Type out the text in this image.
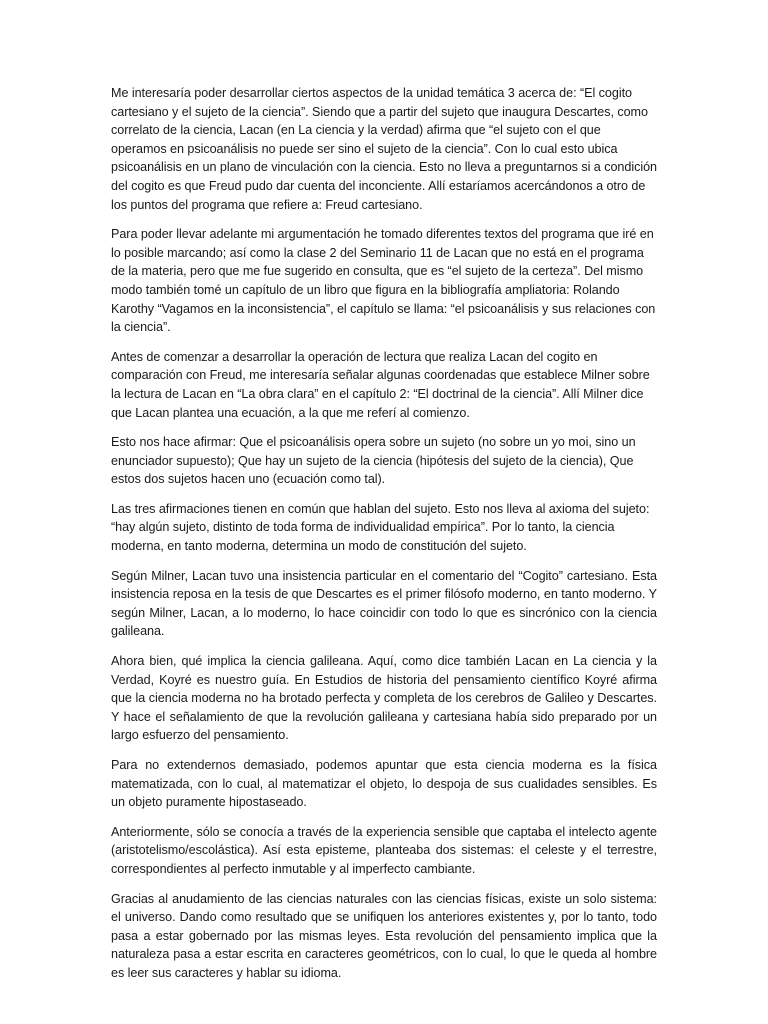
Me interesaría poder desarrollar ciertos aspectos de la unidad temática 3 acerca de: “El cogito cartesiano y el sujeto de la ciencia”. Siendo que a partir del sujeto que inaugura Descartes, como correlato de la ciencia, Lacan (en La ciencia y la verdad) afirma que “el sujeto con el que operamos en psicoanálisis no puede ser sino el sujeto de la ciencia”. Con lo cual esto ubica psicoanálisis en un plano de vinculación con la ciencia. Esto no lleva a preguntarnos si a condición del cogito es que Freud pudo dar cuenta del inconciente. Allí estaríamos acercándonos a otro de los puntos del programa que refiere a: Freud cartesiano.

Para poder llevar adelante mi argumentación he tomado diferentes textos del programa que iré en lo posible marcando; así como la clase 2 del Seminario 11 de Lacan que no está en el programa de la materia, pero que me fue sugerido en consulta, que es “el sujeto de la certeza”. Del mismo modo también tomé un capítulo de un libro que figura en la bibliografía ampliatoria: Rolando Karothy “Vagamos en la inconsistencia”, el capítulo se llama: “el psicoanálisis y sus relaciones con la ciencia”.

Antes de comenzar a desarrollar la operación de lectura que realiza Lacan del cogito en comparación con Freud, me interesaría señalar algunas coordenadas que establece Milner sobre la lectura de Lacan en “La obra clara” en el capítulo 2: “El doctrinal de la ciencia”. Allí Milner dice que Lacan plantea una ecuación, a la que me referí al comienzo.

Esto nos hace afirmar: Que el psicoanálisis opera sobre un sujeto (no sobre un yo moi, sino un enunciador supuesto); Que hay un sujeto de la ciencia (hipótesis del sujeto de la ciencia), Que estos dos sujetos hacen uno (ecuación como tal).

Las tres afirmaciones tienen en común que hablan del sujeto. Esto nos lleva al axioma del sujeto: “hay algún sujeto, distinto de toda forma de individualidad empírica”. Por lo tanto, la ciencia moderna, en tanto moderna, determina un modo de constitución del sujeto.

Según Milner, Lacan tuvo una insistencia particular en el comentario del “Cogito” cartesiano. Esta insistencia reposa en la tesis de que Descartes es el primer filósofo moderno, en tanto moderno. Y según Milner, Lacan, a lo moderno, lo hace coincidir con todo lo que es sincrónico con la ciencia galileana.

Ahora bien, qué implica la ciencia galileana. Aquí, como dice también Lacan en La ciencia y la Verdad, Koyré es nuestro guía. En Estudios de historia del pensamiento científico Koyré afirma que la ciencia moderna no ha brotado perfecta y completa de los cerebros de Galileo y Descartes. Y hace el señalamiento de que la revolución galileana y cartesiana había sido preparado por un largo esfuerzo del pensamiento.

Para no extendernos demasiado, podemos apuntar que esta ciencia moderna es la física matematizada, con lo cual, al matematizar el objeto, lo despoja de sus cualidades sensibles. Es un objeto puramente hipostaseado.

Anteriormente, sólo se conocía a través de la experiencia sensible que captaba el intelecto agente (aristotelismo/escolástica). Así esta episteme, planteaba dos sistemas: el celeste y el terrestre, correspondientes al perfecto inmutable y al imperfecto cambiante.

Gracias al anudamiento de las ciencias naturales con las ciencias físicas, existe un solo sistema: el universo. Dando como resultado que se unifiquen los anteriores existentes y, por lo tanto, todo pasa a estar gobernado por las mismas leyes. Esta revolución del pensamiento implica que la naturaleza pasa a estar escrita en caracteres geométricos, con lo cual, lo que le queda al hombre es leer sus caracteres y hablar su idioma.
